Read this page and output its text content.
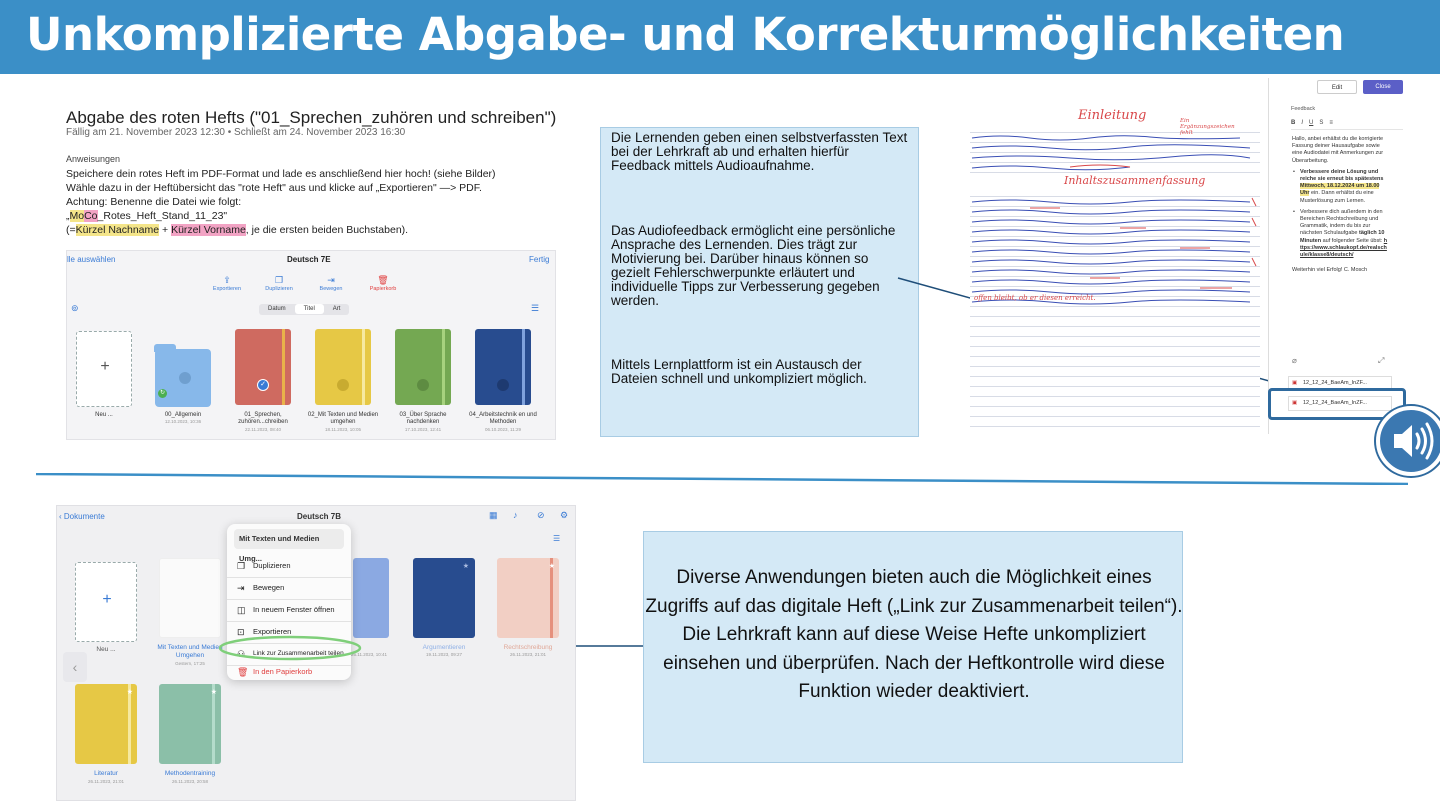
Unkomplizierte Abgabe- und Korrekturmöglichkeiten
Abgabe des roten Hefts ("01_Sprechen_zuhören und schreiben")
Fällig am 21. November 2023 12:30 • Schließt am 24. November 2023 16:30
Anweisungen
Speichere dein rotes Heft im PDF-Format und lade es anschließend hier hoch! (siehe Bilder)
Wähle dazu in der Heftübersicht das "rote Heft" aus und klicke auf „Exportieren" —> PDF.
Achtung: Benenne die Datei wie folgt:
„MoCo_Rotes_Heft_Stand_11_23"
(=Kürzel Nachname + Kürzel Vorname, je die ersten beiden Buchstaben).
lle auswählen	Deutsch 7E	Fertig
⇪
Exportieren
❐
Duplizieren
⇥
Bewegen
🗑
Papierkorb
⊚	Datum	Titel	Art	☰
+
Neu ...
↻
00_Allgemein
12.10.2023, 10:36
✓
01_Sprechen, zuhören...chreiben
22.11.2023, 08:40
02_Mit Texten und Medien umgehen
18.11.2023, 10:05
03_Über Sprache nachdenken
17.10.2023, 12:41
04_Arbeitstechnik en und Methoden
06.10.2023, 11:29
Die Lernenden geben einen selbstverfassten Text bei der Lehrkraft ab und erhalten hierfür Feedback mittels Audioaufnahme.
Das Audiofeedback ermöglicht eine persönliche Ansprache des Lernenden. Dies trägt zur Motivierung bei. Darüber hinaus können so gezielt Fehlerschwerpunkte erläutert und individuelle Tipps zur Verbesserung gegeben werden.
Mittels Lernplattform ist ein Austausch der Dateien schnell und unkompliziert möglich.
Einleitung	Ein Ergänzungszeichen fehlt
Inhaltszusammenfassung
offen bleibt, ob er diesen erreicht.
Edit	Close
Feedback
B I U S ≡
Hallo, anbei erhältst du die korrigierte Fassung deiner Hausaufgabe sowie eine Audiodatei mit Anmerkungen zur Überarbeitung.
• Verbessere deine Lösung und reiche sie erneut bis spätestens Mittwoch, 18.12.2024 um 18.00 Uhr ein. Dann erhältst du eine Musterlösung zum Lernen.
• Verbessere dich außerdem in den Bereichen Rechtschreibung und Grammatik, indem du bis zur nächsten Schulaufgabe täglich 10 Minuten auf folgender Seite übst: https://www.schlaukopf.de/realschule/klasse8/deutsch/
Weiterhin viel Erfolg! C. Mosch
⌀	⤢
▣ 12_12_24_BaeAm_InZF...
▣ 12_12_24_BaeAm_InZF...
‹ Dokumente	Deutsch 7B	▦ ♪ ⊘ ⚙
☰
+
Neu ...	Mit Texten und Medien Umgehen
Gestern, 17:25
26.11.2023, 10:41
★
Argumentieren
19.11.2023, 09:27
★
Rechtschreibung
26.11.2023, 21:01
‹
★
Literatur
26.11.2023, 21:01
★
Methodentraining
26.11.2023, 20:58
Mit Texten und Medien Umg...
❐ Duplizieren
⇥ Bewegen
◫ In neuem Fenster öffnen
⊡ Exportieren
⚇ Link zur Zusammenarbeit teilen
🗑 In den Papierkorb
Diverse Anwendungen bieten auch die Möglichkeit eines Zugriffs auf das digitale Heft („Link zur Zusammenarbeit teilen“). Die Lehrkraft kann auf diese Weise Hefte unkompliziert einsehen und überprüfen. Nach der Heftkontrolle wird diese Funktion wieder deaktiviert.
